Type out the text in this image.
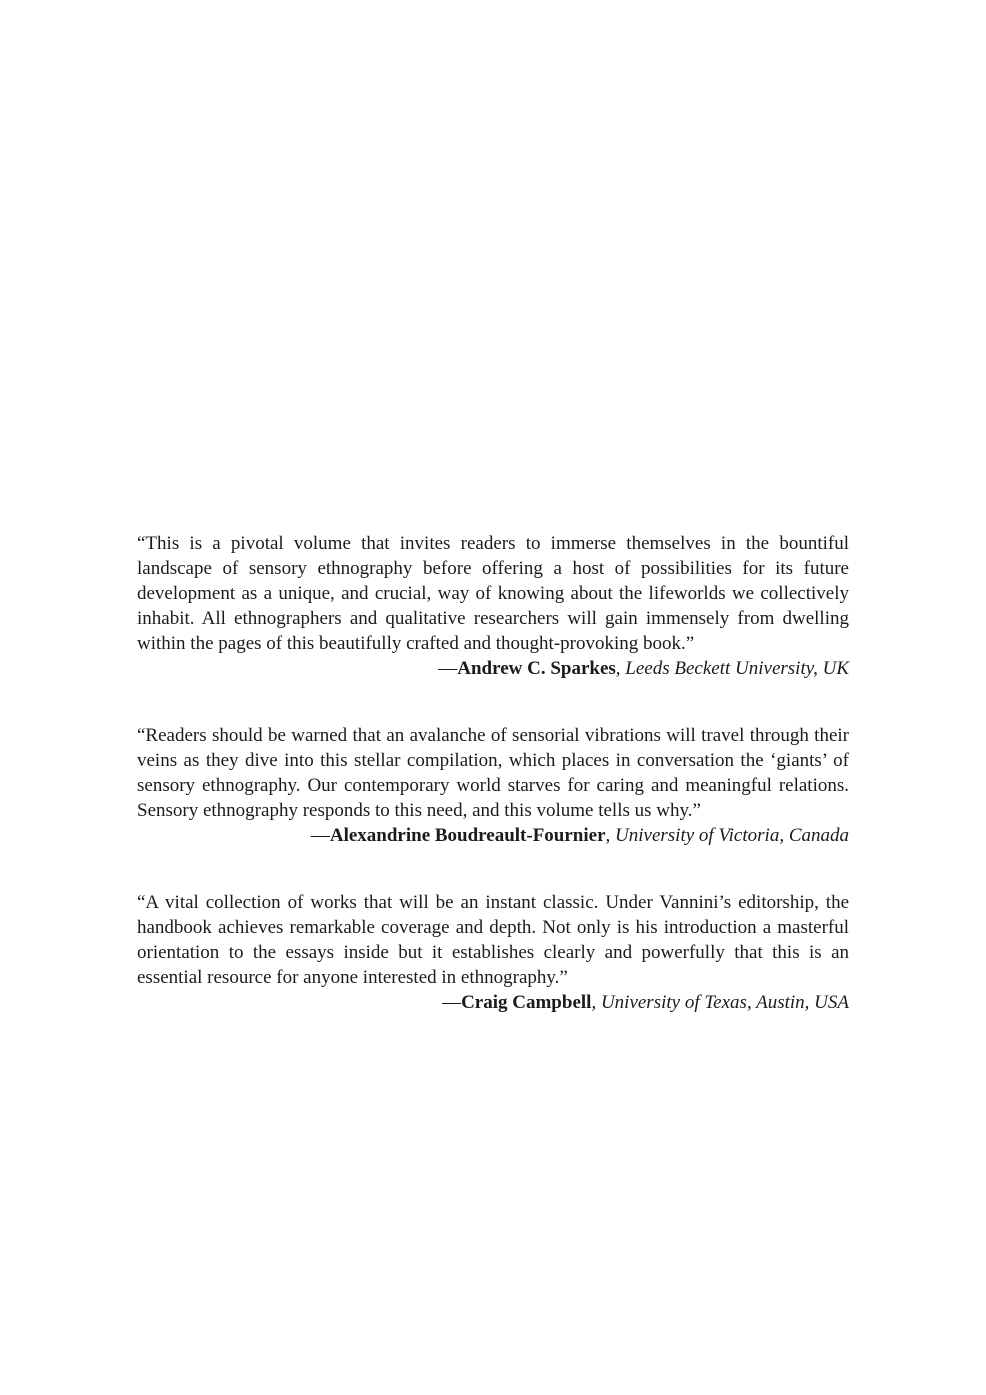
“This is a pivotal volume that invites readers to immerse themselves in the bountiful landscape of sensory ethnography before offering a host of possibilities for its future development as a unique, and crucial, way of knowing about the lifeworlds we collectively inhabit. All ethnographers and qualitative researchers will gain immensely from dwelling within the pages of this beautifully crafted and thought-provoking book.”

—Andrew C. Sparkes, Leeds Beckett University, UK

“Readers should be warned that an avalanche of sensorial vibrations will travel through their veins as they dive into this stellar compilation, which places in conversation the ‘giants’ of sensory ethnography. Our contemporary world starves for caring and meaningful relations. Sensory ethnography responds to this need, and this volume tells us why.”

—Alexandrine Boudreault-Fournier, University of Victoria, Canada

“A vital collection of works that will be an instant classic. Under Vannini’s editorship, the handbook achieves remarkable coverage and depth. Not only is his introduction a masterful orientation to the essays inside but it establishes clearly and powerfully that this is an essential resource for anyone interested in ethnography.”

—Craig Campbell, University of Texas, Austin, USA
